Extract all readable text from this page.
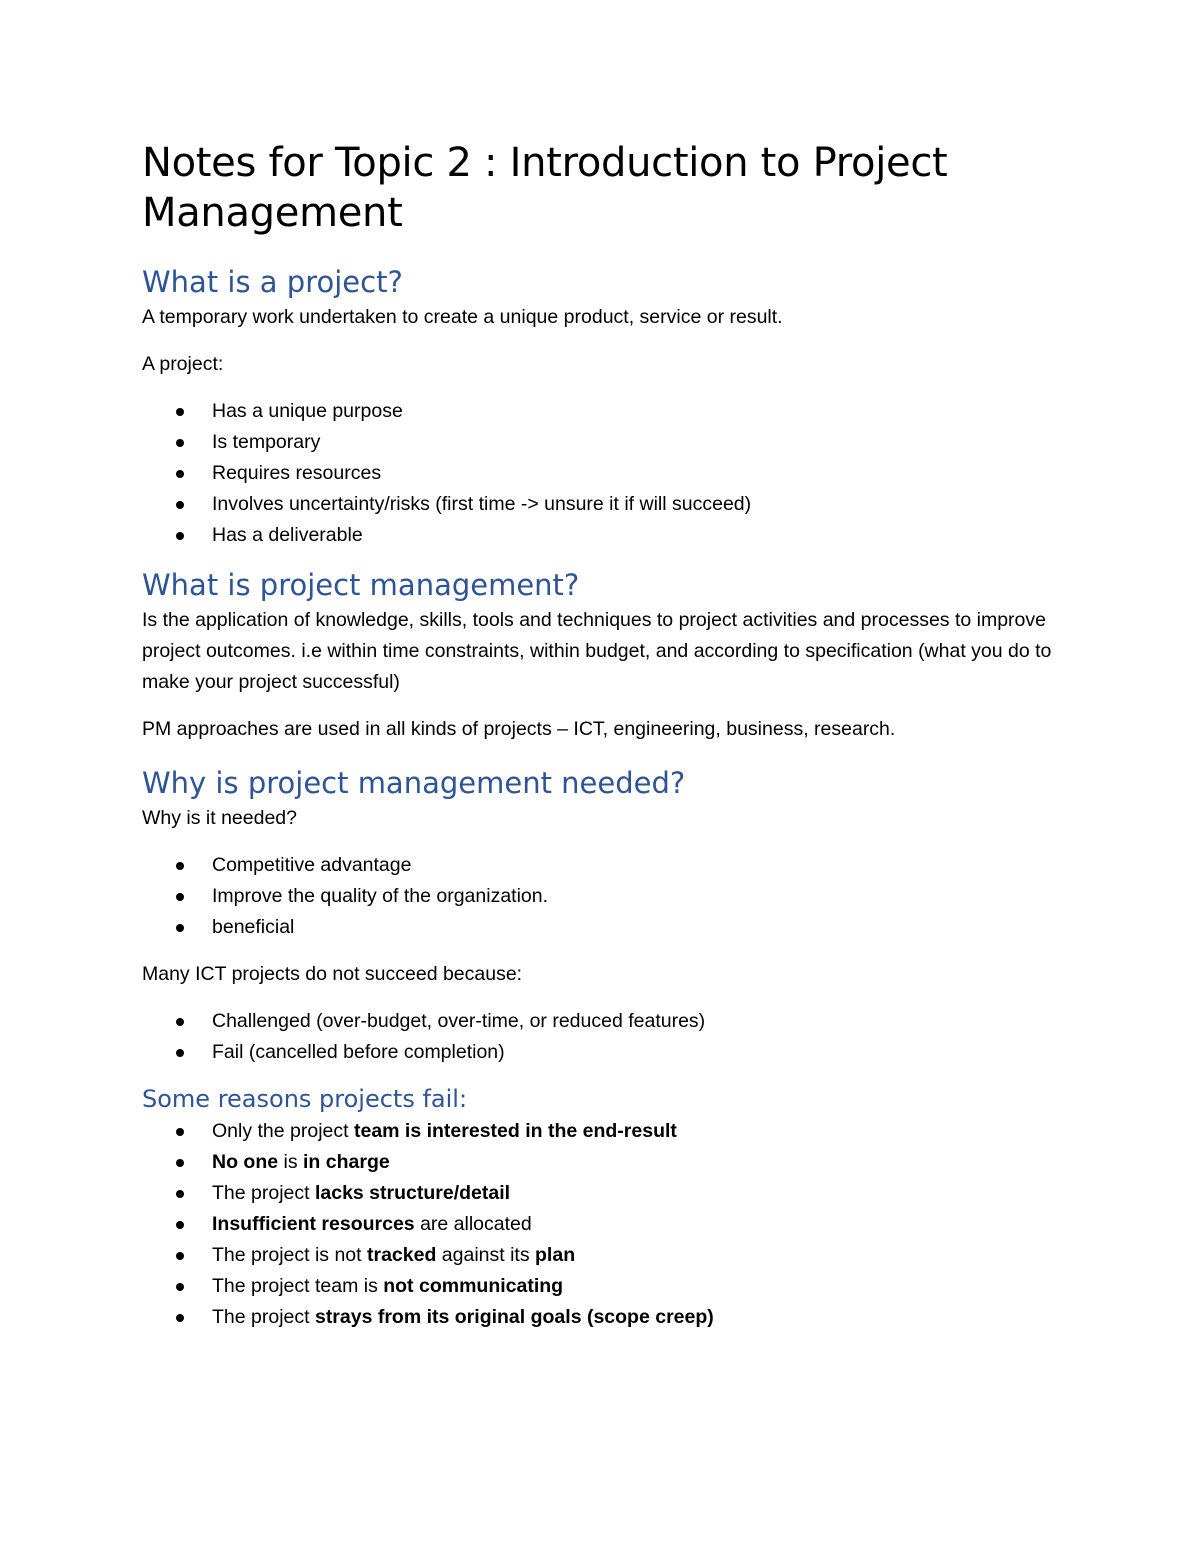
Notes for Topic 2 : Introduction to Project Management
What is a project?

A temporary work undertaken to create a unique product, service or result.

A project:

Has a unique purpose
Is temporary
Requires resources
Involves uncertainty/risks (first time -> unsure it if will succeed)
Has a deliverable
What is project management?

Is the application of knowledge, skills, tools and techniques to project activities and processes to improve project outcomes. i.e within time constraints, within budget, and according to specification (what you do to make your project successful)

PM approaches are used in all kinds of projects – ICT, engineering, business, research.

Why is project management needed?

Why is it needed?

Competitive advantage
Improve the quality of the organization.
beneficial

Many ICT projects do not succeed because:

Challenged (over-budget, over-time, or reduced features)
Fail (cancelled before completion)
Some reasons projects fail:
Only the project team is interested in the end-result
No one is in charge
The project lacks structure/detail
Insufficient resources are allocated
The project is not tracked against its plan
The project team is not communicating
The project strays from its original goals (scope creep)
